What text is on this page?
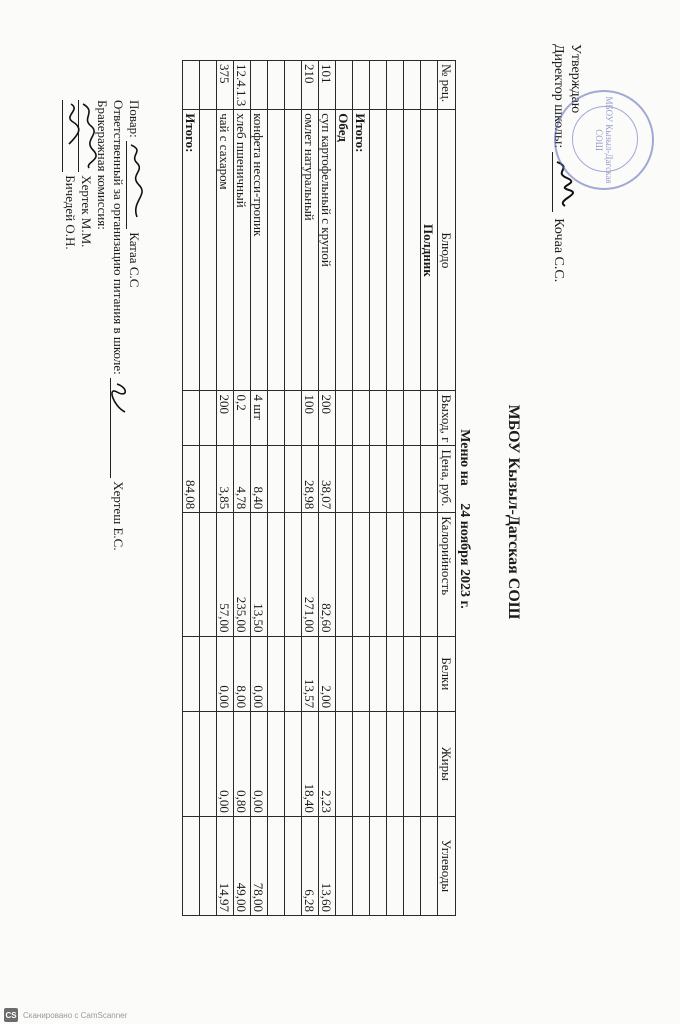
Утверждаю
Директор школы:
Кочаа С.С.
МБОУ Кызыл-Дагская СОШ
МБОУ Кызыл-Дагская СОШ
Меню на 24 ноября 2023 г.
№ рец.	Блюдо	Выход, г	Цена, руб.	Калорийность	Белки	Жиры	Углеводы
	Полдник						

	Итого:						
	Обед						
101	суп картофельный с крупой	200	38,07	82,60	2,00	2,23	13,60
210	омлет натуральный	100	28,98	271,00	13,57	18,40	6,28

	конфета несси-тропик	4 шт	8,40	13,50	0,00	0,00	78,00
12.4.1.3	хлеб пшеничный	0,2	4,78	235,00	8,00	0,80	49,00
375	чай с сахаром	200	3,85	57,00	0,00	0,00	14,97

	Итого:		84,08				
Повар:
Катаа С.С
Ответственный за организацию питания в школе:
Хертеш Е.С.
Бракеражная комиссия:
Хертек М.М.
Бичедей О.Н.
CS Сканировано с CamScanner
